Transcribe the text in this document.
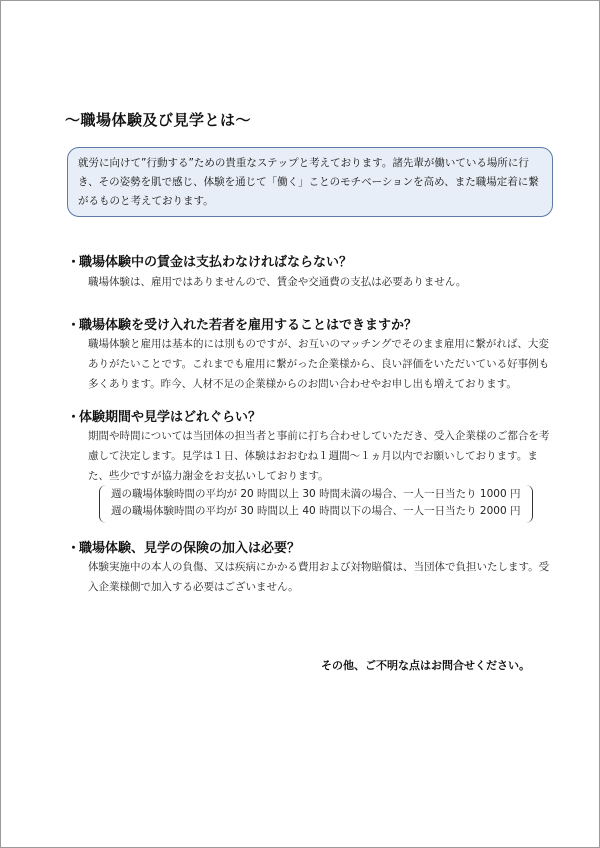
～職場体験及び見学とは～

就労に向けて”行動する”ための貴重なステップと考えております。諸先輩が働いている場所に行き、その姿勢を肌で感じ、体験を通じて「働く」ことのモチベーションを高め、また職場定着に繋がるものと考えております。

・職場体験中の賃金は支払わなければならない？

職場体験は、雇用ではありませんので、賃金や交通費の支払は必要ありません。

・職場体験を受け入れた若者を雇用することはできますか？

職場体験と雇用は基本的には別ものですが、お互いのマッチングでそのまま雇用に繋がれば、大変ありがたいことです。これまでも雇用に繋がった企業様から、良い評価をいただいている好事例も多くあります。昨今、人材不足の企業様からのお問い合わせやお申し出も増えております。

・体験期間や見学はどれぐらい？

期間や時間については当団体の担当者と事前に打ち合わせしていただき、受入企業様のご都合を考慮して決定します。見学は１日、体験はおおむね１週間～１ヵ月以内でお願いしております。また、些少ですが協力謝金をお支払いしております。

週の職場体験時間の平均が 20 時間以上 30 時間未満の場合、一人一日当たり 1000 円

週の職場体験時間の平均が 30 時間以上 40 時間以下の場合、一人一日当たり 2000 円

・職場体験、見学の保険の加入は必要？

体験実施中の本人の負傷、又は疾病にかかる費用および対物賠償は、当団体で負担いたします。受入企業様側で加入する必要はございません。

その他、ご不明な点はお問合せください。
